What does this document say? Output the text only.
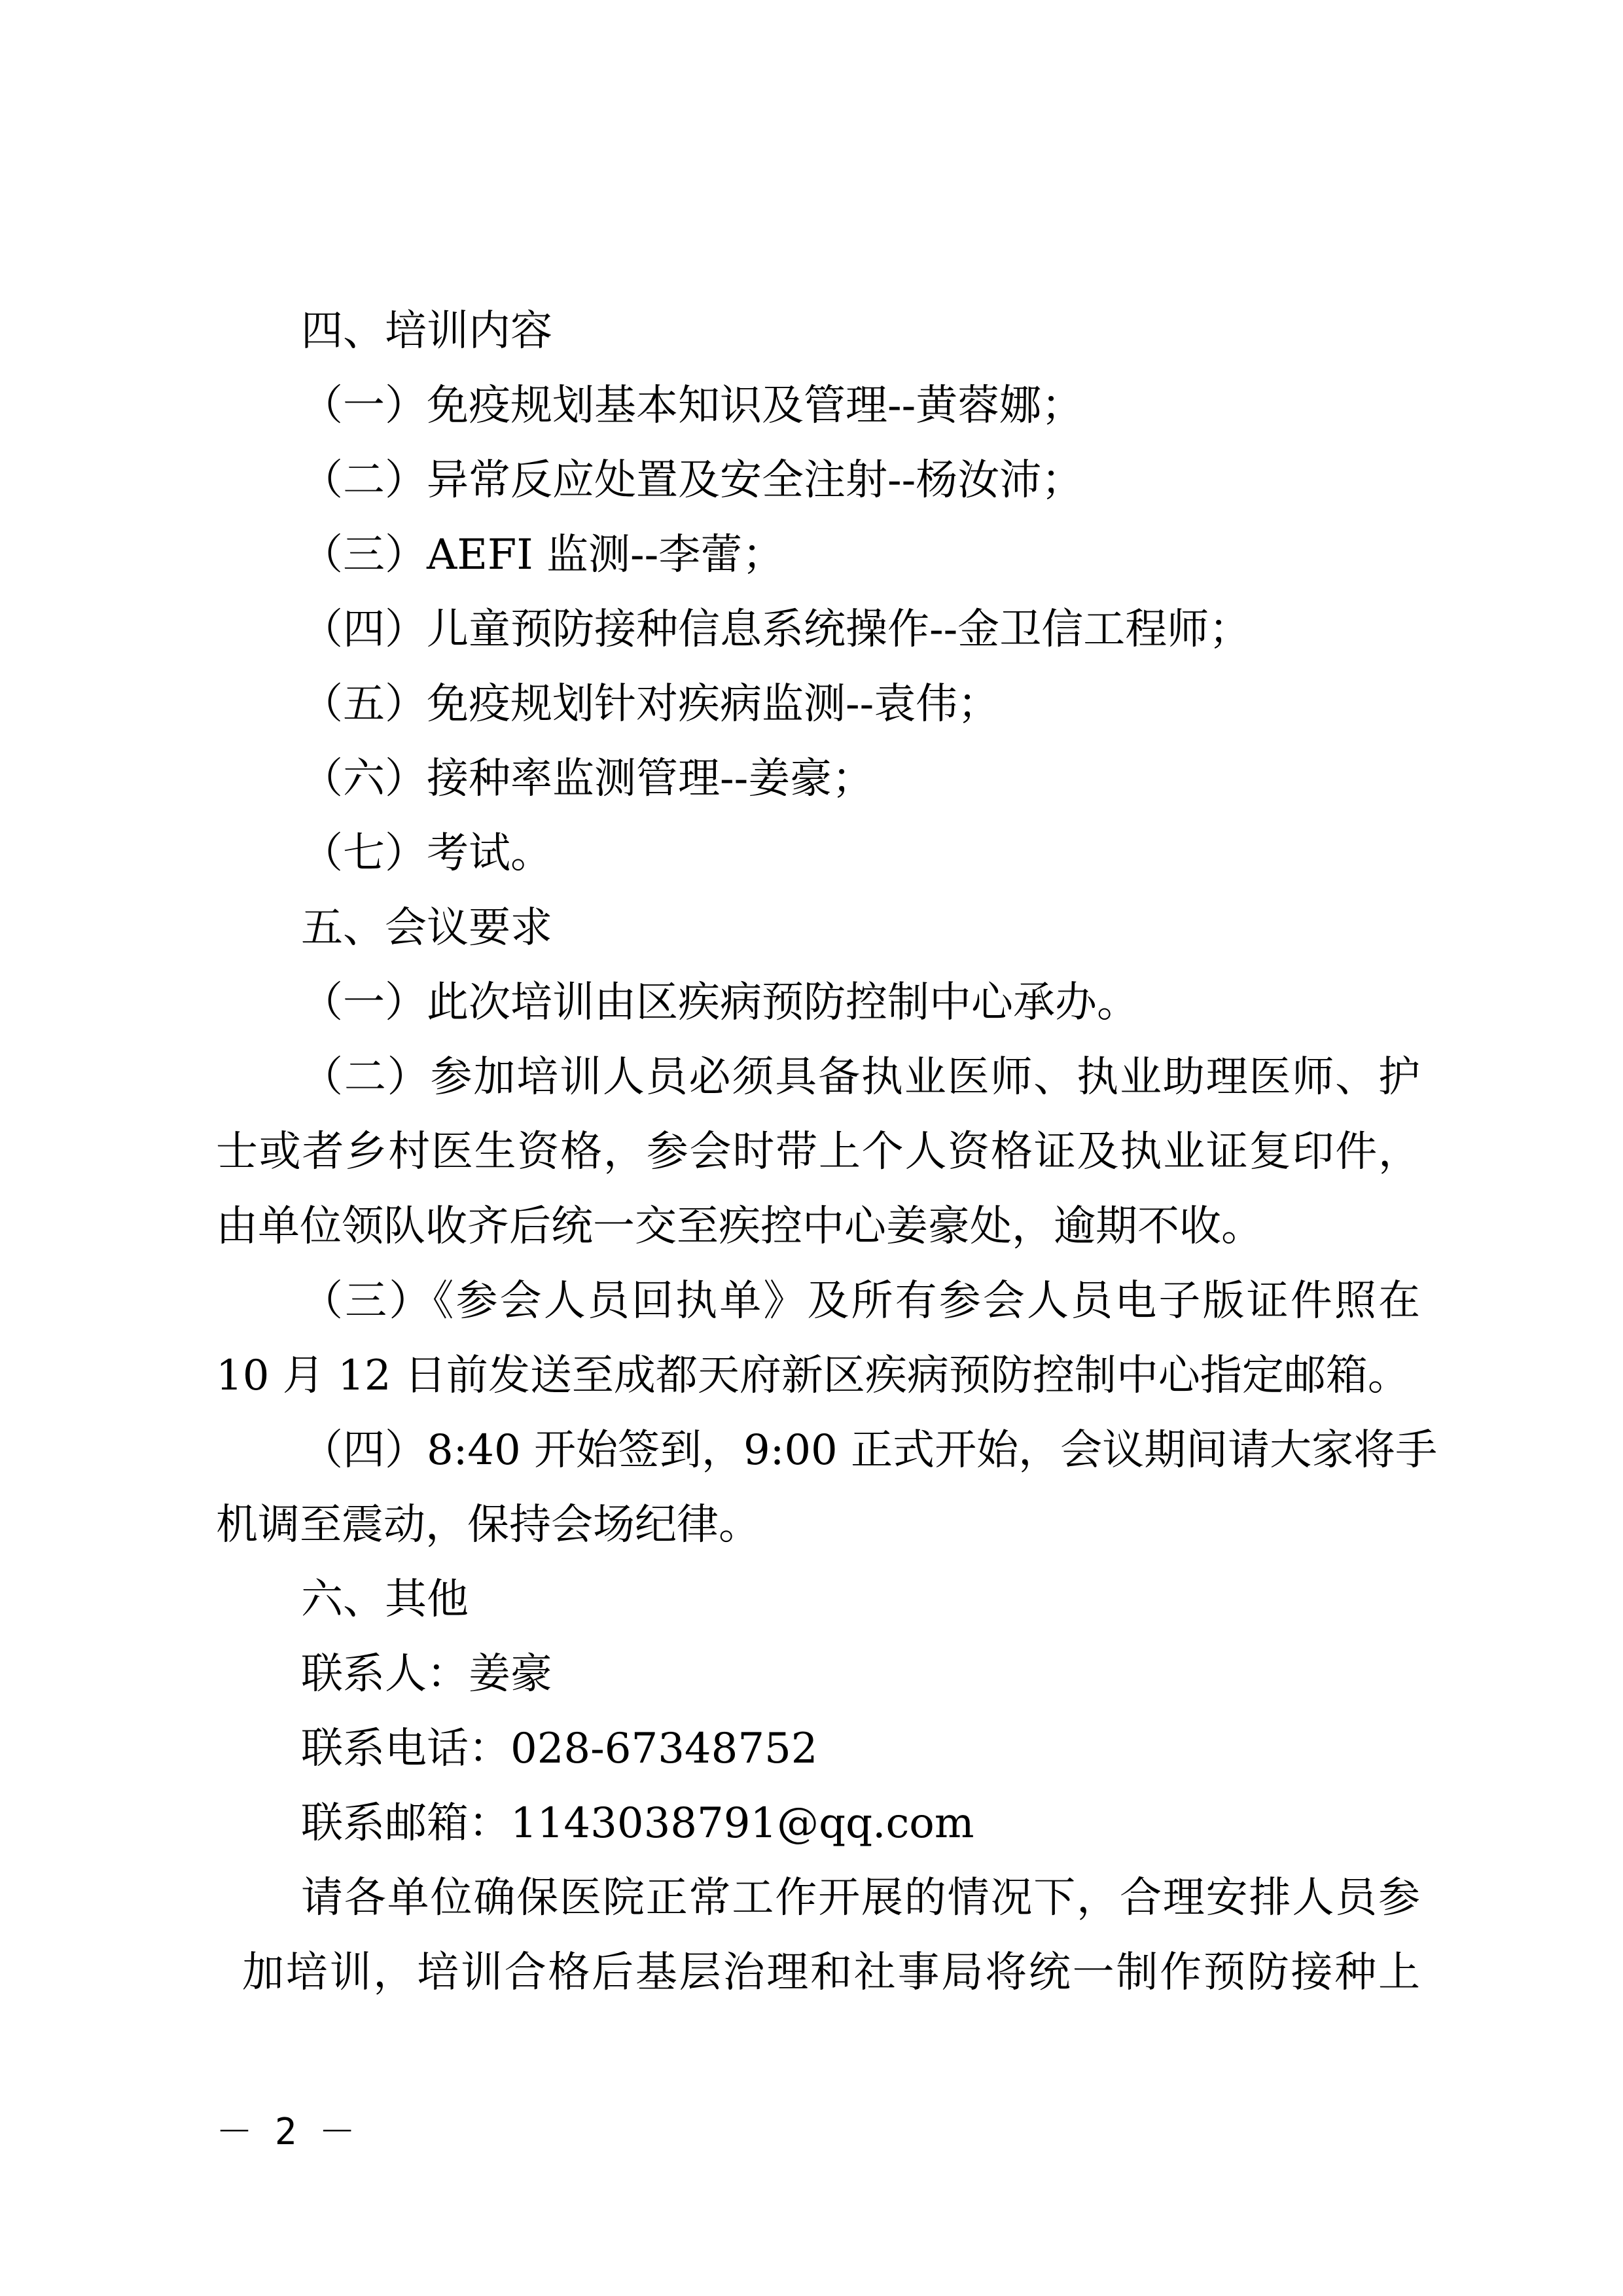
四、培训内容
（一）免疫规划基本知识及管理--黄蓉娜；
（二）异常反应处置及安全注射--杨汝沛；
（三）AEFI 监测--李蕾；
（四）儿童预防接种信息系统操作--金卫信工程师；
（五）免疫规划针对疾病监测--袁伟；
（六）接种率监测管理--姜豪；
（七）考试。
五、会议要求
（一）此次培训由区疾病预防控制中心承办。
（二）参加培训人员必须具备执业医师、执业助理医师、护
士或者乡村医生资格，参会时带上个人资格证及执业证复印件，
由单位领队收齐后统一交至疾控中心姜豪处，逾期不收。
（三）《参会人员回执单》及所有参会人员电子版证件照在
10 月 12 日前发送至成都天府新区疾病预防控制中心指定邮箱。
（四）8:40 开始签到，9:00 正式开始，会议期间请大家将手
机调至震动，保持会场纪律。
六、其他
联系人：姜豪
联系电话：028-67348752
联系邮箱：1143038791@qq.com
请各单位确保医院正常工作开展的情况下，合理安排人员参
加培训，培训合格后基层治理和社事局将统一制作预防接种上
－ 2 －
